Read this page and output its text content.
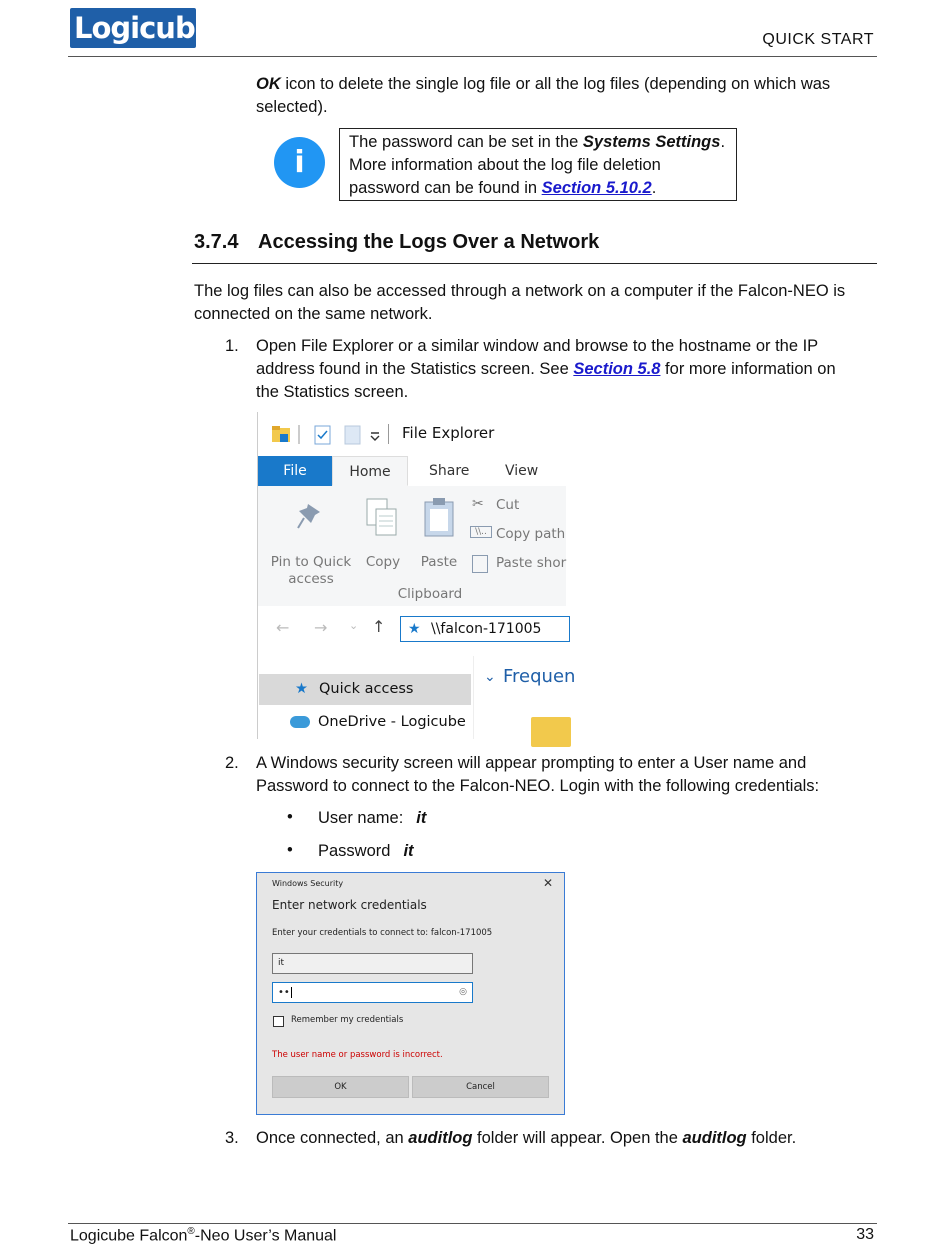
Logicube®
QUICK START
OK icon to delete the single log file or all the log files (depending on which was
selected).
i
The password can be set in the Systems Settings.
More information about the log file deletion
password can be found in Section 5.10.2.
3.7.4 Accessing the Logs Over a Network
The log files can also be accessed through a network on a computer if the Falcon-NEO is
connected on the same network.
1. Open File Explorer or a similar window and browse to the hostname or the IP
address found in the Statistics screen. See Section 5.8 for more information on
the Statistics screen.
File Explorer
File	Home	Share	View
Pin to Quick
access
Copy	Paste
✂ Cut
\\.. Copy path
Paste shor
Clipboard
← → ⌄ ↑ ★ \\falcon-171005
★ Quick access
OneDrive - Logicube
⌄ Frequen
2. A Windows security screen will appear prompting to enter a User name and
Password to connect to the Falcon-NEO. Login with the following credentials:
• User name: it
• Password it
Windows Security	✕
Enter network credentials
Enter your credentials to connect to: falcon-171005
it
••	◎
Remember my credentials
The user name or password is incorrect.
OK	Cancel
3. Once connected, an auditlog folder will appear. Open the auditlog folder.
Logicube Falcon®-Neo User’s Manual	33
